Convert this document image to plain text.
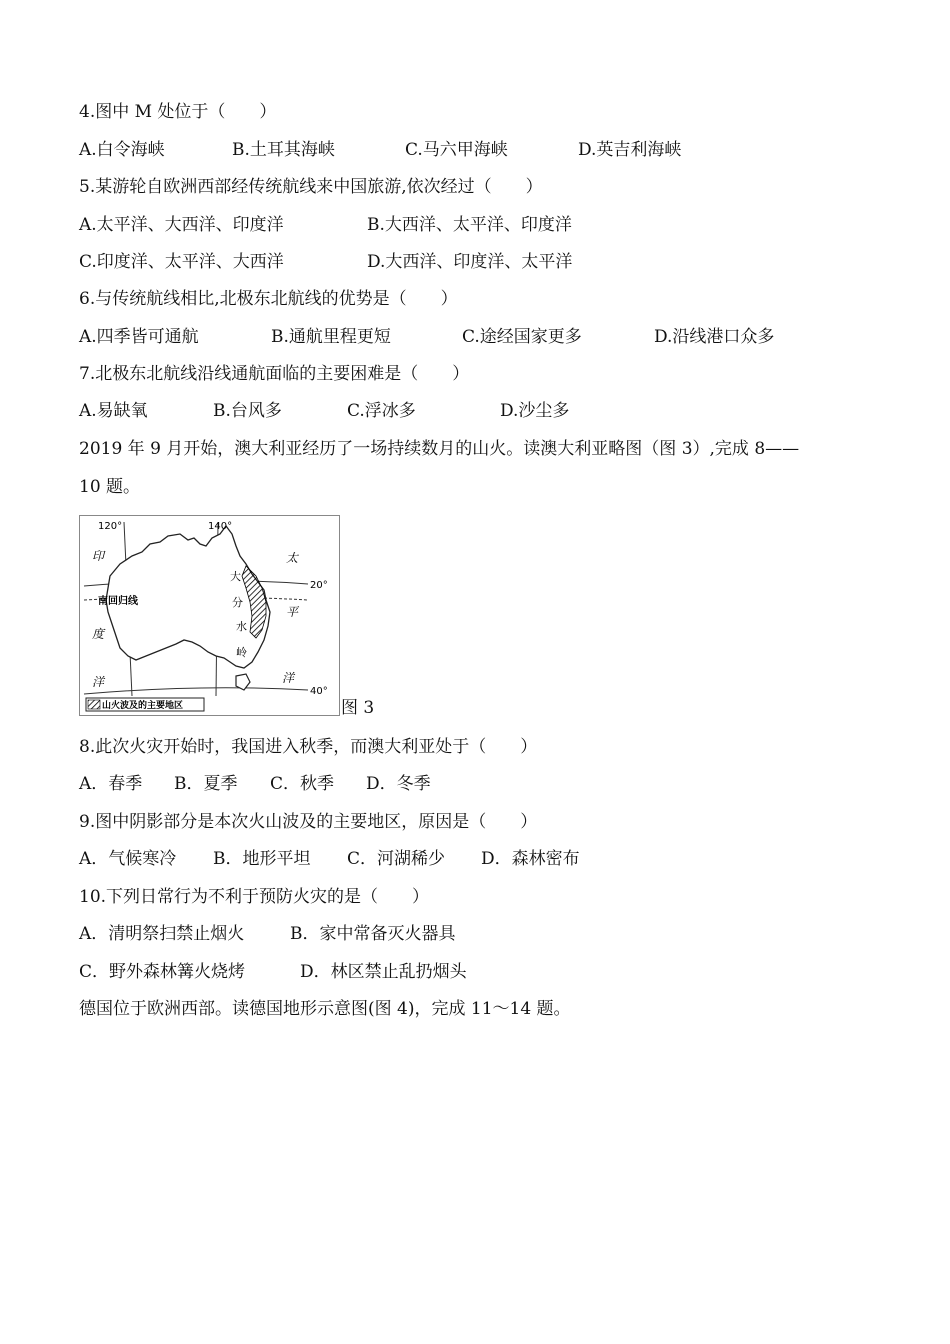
4.图中 M 处位于（　　）
A.白令海峡	B.土耳其海峡	C.马六甲海峡	D.英吉利海峡
5.某游轮自欧洲西部经传统航线来中国旅游,依次经过（　　）
A.太平洋、大西洋、印度洋	B.大西洋、太平洋、印度洋
C.印度洋、太平洋、大西洋	D.大西洋、印度洋、太平洋
6.与传统航线相比,北极东北航线的优势是（　　）
A.四季皆可通航	B.通航里程更短	C.途经国家更多	D.沿线港口众多
7.北极东北航线沿线通航面临的主要困难是（　　）
A.易缺氧	B.台风多	C.浮冰多	D.沙尘多
2019 年 9 月开始，澳大利亚经历了一场持续数月的山火。读澳大利亚略图（图 3）,完成 8——
10 题。
120°	140°
20°
40°
南回归线
印
度
洋
太
平
洋
大
分
水
岭
山火波及的主要地区	图 3
8.此次火灾开始时，我国进入秋季，而澳大利亚处于（　　）
A．春季 B．夏季 C．秋季 D．冬季
9.图中阴影部分是本次火山波及的主要地区，原因是（　　）
A．气候寒冷 B．地形平坦 C．河湖稀少 D．森林密布
10.下列日常行为不利于预防火灾的是（　　）
A．清明祭扫禁止烟火	B．家中常备灭火器具
C．野外森林篝火烧烤	D．林区禁止乱扔烟头
德国位于欧洲西部。读德国地形示意图(图 4)，完成 11～14 题。
